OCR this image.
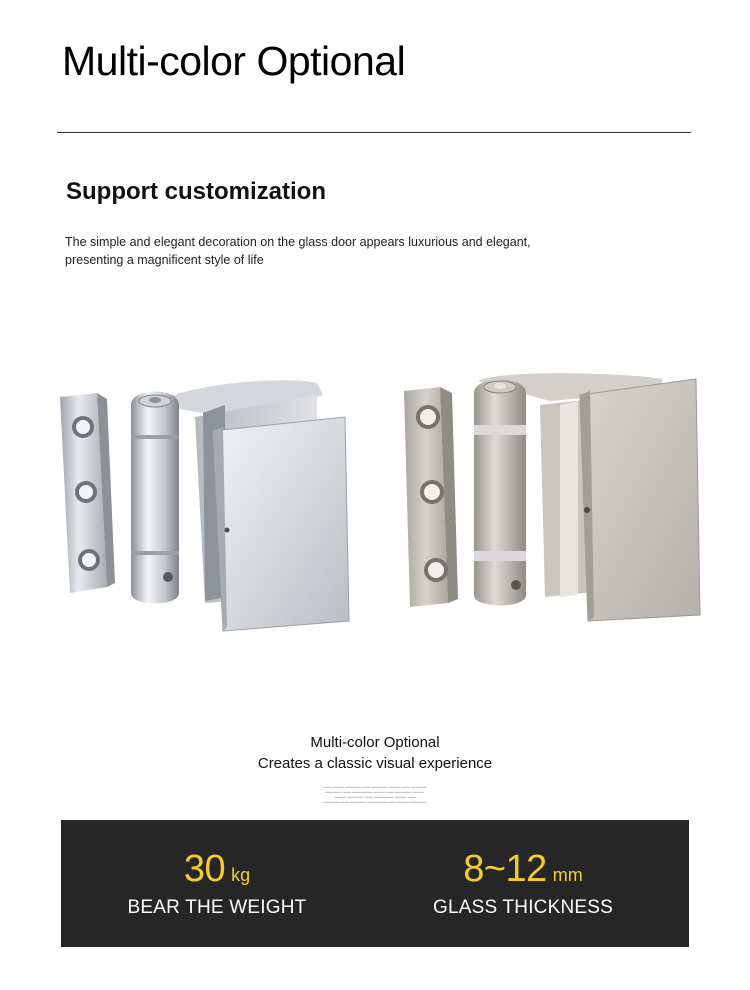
Multi-color Optional
Support customization
The simple and elegant decoration on the glass door appears luxurious and elegant,
presenting a magnificent style of life
Multi-color Optional
Creates a classic visual experience
▬▬ ▬▬▬ ▬▬▬▬ ▬▬ ▬▬▬▬ ▬▬▬ ▬▬ ▬▬▬▬
▬▬▬▬ ▬▬ ▬▬▬▬▬ ▬▬▬ ▬▬ ▬▬▬▬ ▬▬▬
▬▬▬ ▬▬▬▬ ▬▬ ▬▬▬▬▬ ▬▬▬ ▬▬
▬▬▬▬ ▬▬ ▬▬▬▬ ▬▬▬▬▬ ▬▬ ▬▬▬ ▬▬▬▬
30 kg
BEAR THE WEIGHT
8~12 mm
GLASS THICKNESS
